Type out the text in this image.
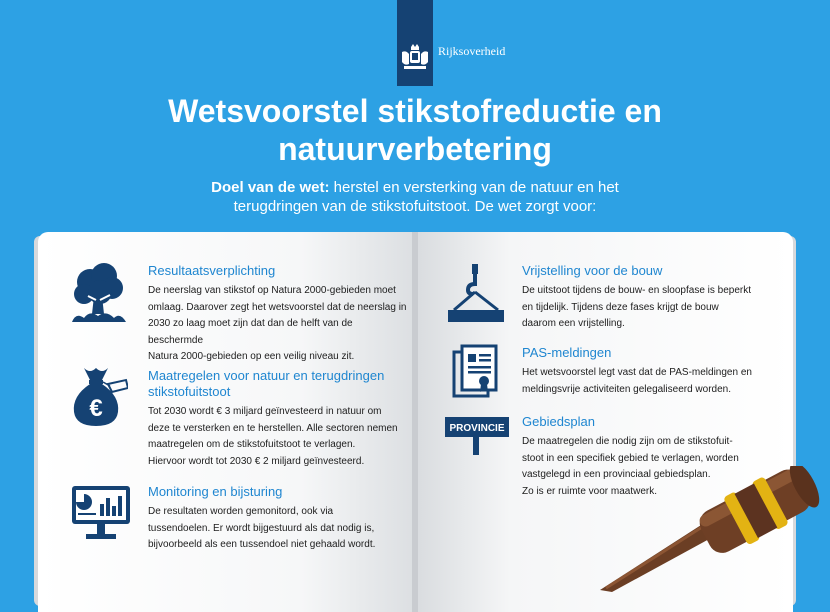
Rijksoverheid
Wetsvoorstel stikstofreductie en
natuurverbetering

Doel van de wet: herstel en versterking van de natuur en het
terugdringen van de stikstofuitstoot. De wet zorgt voor:

€
Resultaatsverplichting

De neerslag van stikstof op Natura 2000-gebieden moet
omlaag. Daarover zegt het wetsvoorstel dat de neerslag in
2030 zo laag moet zijn dat dan de helft van de beschermde
Natura 2000-gebieden op een veilig niveau zit.

Maatregelen voor natuur en terugdringen
stikstofuitstoot

Tot 2030 wordt € 3 miljard geïnvesteerd in natuur om
deze te versterken en te herstellen. Alle sectoren nemen
maatregelen om de stikstofuitstoot te verlagen.
Hiervoor wordt tot 2030 € 2 miljard geïnvesteerd.

Monitoring en bijsturing

De resultaten worden gemonitord, ook via
tussendoelen. Er wordt bijgestuurd als dat nodig is,
bijvoorbeeld als een tussendoel niet gehaald wordt.

PROVINCIE
Vrijstelling voor de bouw

De uitstoot tijdens de bouw- en sloopfase is beperkt
en tijdelijk. Tijdens deze fases krijgt de bouw
daarom een vrijstelling.

PAS-meldingen

Het wetsvoorstel legt vast dat de PAS-meldingen en
meldingsvrije activiteiten gelegaliseerd worden.

Gebiedsplan

De maatregelen die nodig zijn om de stikstofuit-
stoot in een specifiek gebied te verlagen, worden
vastgelegd in een provinciaal gebiedsplan.
Zo is er ruimte voor maatwerk.
